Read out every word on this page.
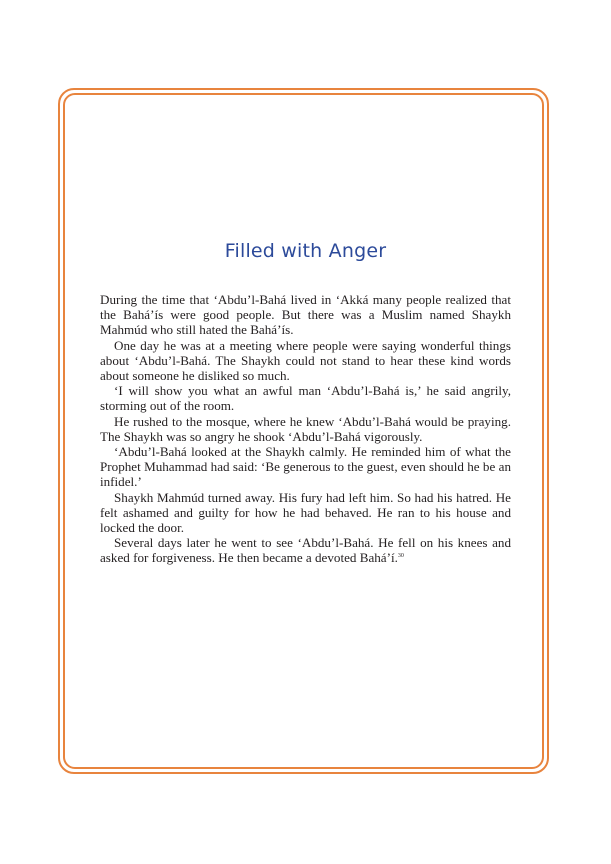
Filled with Anger

During the time that ‘Abdu’l-Bahá lived in ‘Akká many people realized that the Bahá’ís were good people. But there was a Muslim named Shaykh Mahmúd who still hated the Bahá’ís.

One day he was at a meeting where people were saying wonderful things about ‘Abdu’l-Bahá. The Shaykh could not stand to hear these kind words about someone he disliked so much.

‘I will show you what an awful man ‘Abdu’l-Bahá is,’ he said angrily, storming out of the room.

He rushed to the mosque, where he knew ‘Abdu’l-Bahá would be praying. The Shaykh was so angry he shook ‘Abdu’l-Bahá vigorously.

‘Abdu’l-Bahá looked at the Shaykh calmly. He reminded him of what the Prophet Muhammad had said: ‘Be generous to the guest, even should he be an infidel.’

Shaykh Mahmúd turned away. His fury had left him. So had his hatred. He felt ashamed and guilty for how he had behaved. He ran to his house and locked the door.

Several days later he went to see ‘Abdu’l-Bahá. He fell on his knees and asked for forgiveness. He then became a devoted Bahá’í.$^{30}$
